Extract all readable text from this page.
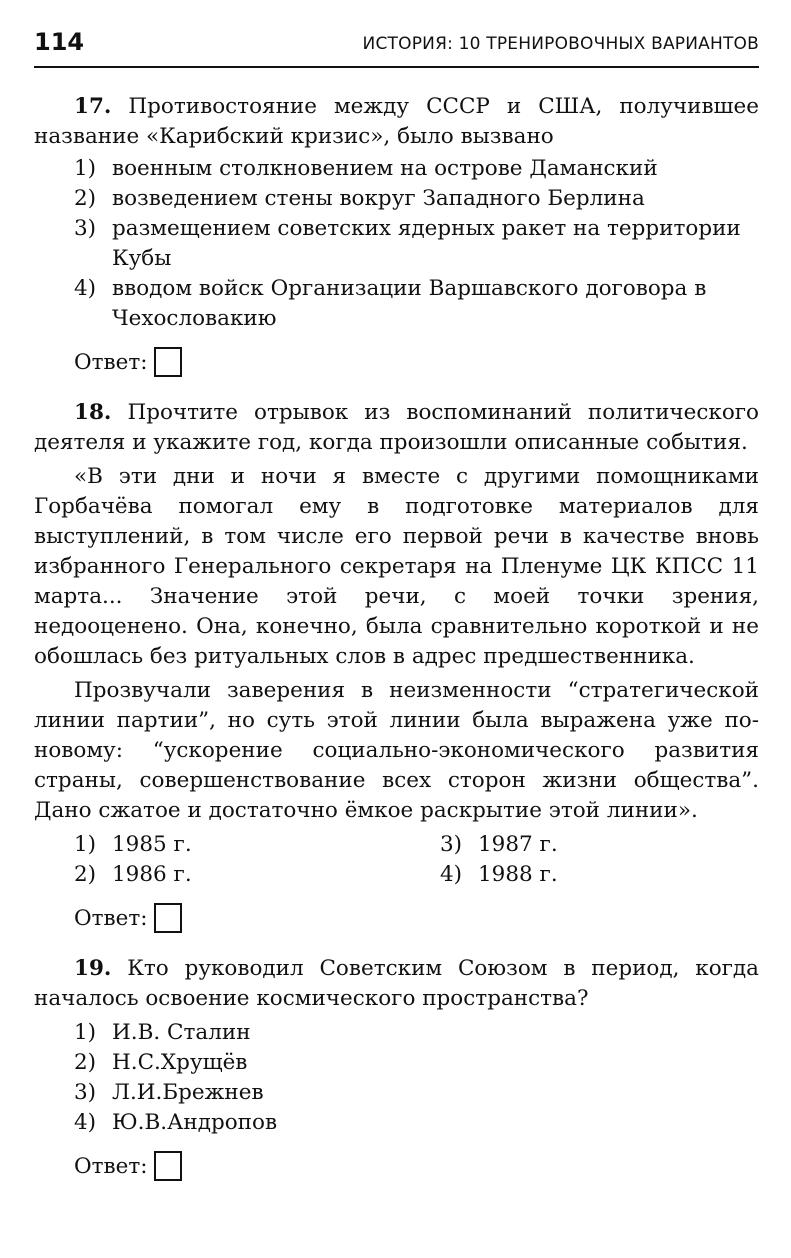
114	ИСТОРИЯ: 10 ТРЕНИРОВОЧНЫХ ВАРИАНТОВ

17. Противостояние между СССР и США, получившее название «Карибский кризис», было вызвано

1) военным столкновением на острове Даманский
2) возведением стены вокруг Западного Берлина
3) размещением советских ядерных ракет на территории Кубы
4) вводом войск Организации Варшавского договора в Чехословакию
Ответ:

18. Прочтите отрывок из воспоминаний политического деятеля и укажите год, когда произошли описанные события.

«В эти дни и ночи я вместе с другими помощниками Горбачёва помогал ему в подготовке материалов для выступлений, в том числе его первой речи в качестве вновь избранного Генерального секретаря на Пленуме ЦК КПСС 11 марта... Значение этой речи, с моей точки зрения, недооценено. Она, конечно, была сравнительно короткой и не обошлась без ритуальных слов в адрес предшественника.

Прозвучали заверения в неизменности “стратегической линии партии”, но суть этой линии была выражена уже по-новому: “ускорение социально-экономического развития страны, совершенствование всех сторон жизни общества”. Дано сжатое и достаточно ёмкое раскрытие этой линии».

1) 1985 г.	3) 1987 г.
2) 1986 г.	4) 1988 г.
Ответ:

19. Кто руководил Советским Союзом в период, когда началось освоение космического пространства?

1) И.В. Сталин
2) Н.С.Хрущёв
3) Л.И.Брежнев
4) Ю.В.Андропов
Ответ:
